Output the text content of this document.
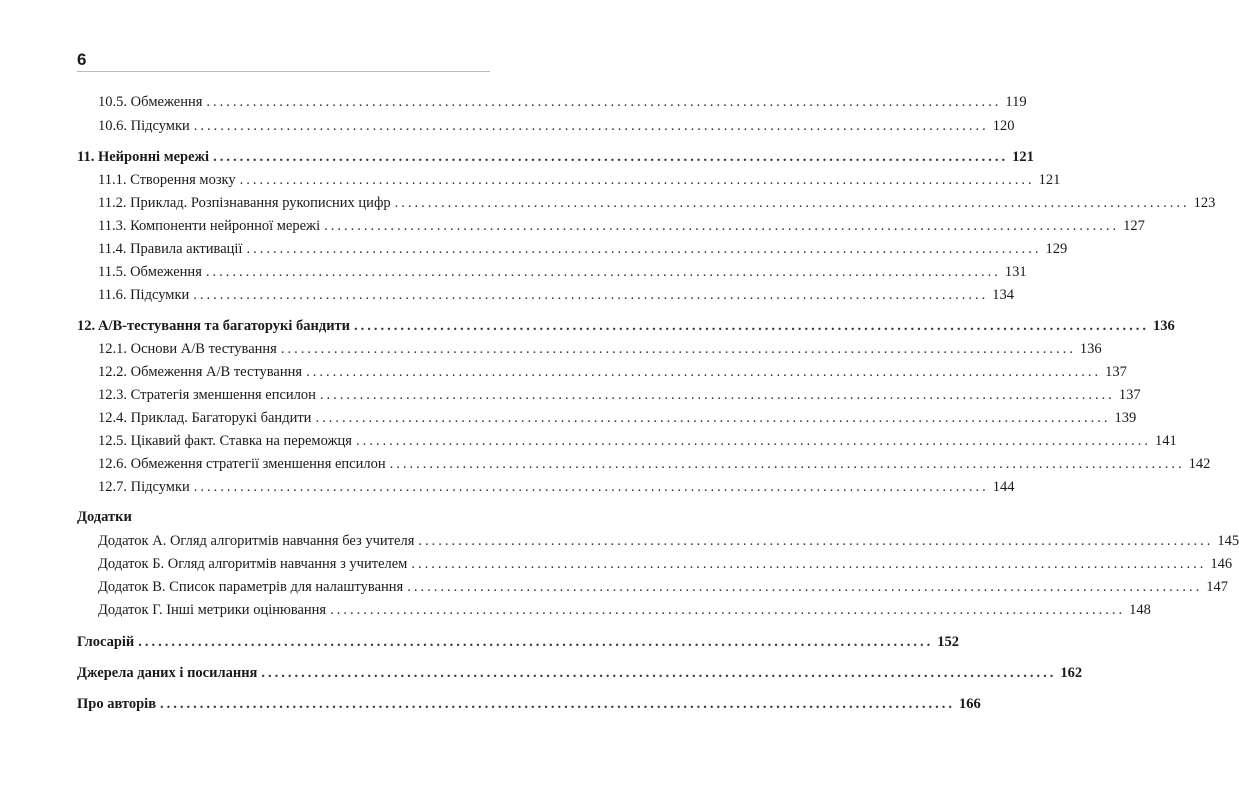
6
10.5. Обмеження ........................................................................................................................ 119
10.6. Підсумки ........................................................................................................................ 120
11. Нейронні мережі ........................................................................................................................ 121
11.1. Створення мозку ........................................................................................................................ 121
11.2. Приклад. Розпізнавання рукописних цифр ........................................................................................................................ 123
11.3. Компоненти нейронної мережі ........................................................................................................................ 127
11.4. Правила активації ........................................................................................................................ 129
11.5. Обмеження ........................................................................................................................ 131
11.6. Підсумки ........................................................................................................................ 134
12. A/B-тестування та багаторукі бандити ........................................................................................................................ 136
12.1. Основи A/B тестування ........................................................................................................................ 136
12.2. Обмеження A/B тестування ........................................................................................................................ 137
12.3. Стратегія зменшення епсилон ........................................................................................................................ 137
12.4. Приклад. Багаторукі бандити ........................................................................................................................ 139
12.5. Цікавий факт. Ставка на переможця ........................................................................................................................ 141
12.6. Обмеження стратегії зменшення епсилон ........................................................................................................................ 142
12.7. Підсумки ........................................................................................................................ 144
Додатки
Додаток А. Огляд алгоритмів навчання без учителя ........................................................................................................................ 145
Додаток Б. Огляд алгоритмів навчання з учителем ........................................................................................................................ 146
Додаток В. Список параметрів для налаштування ........................................................................................................................ 147
Додаток Г. Інші метрики оцінювання ........................................................................................................................ 148
Глосарій ........................................................................................................................ 152
Джерела даних і посилання ........................................................................................................................ 162
Про авторів ........................................................................................................................ 166
